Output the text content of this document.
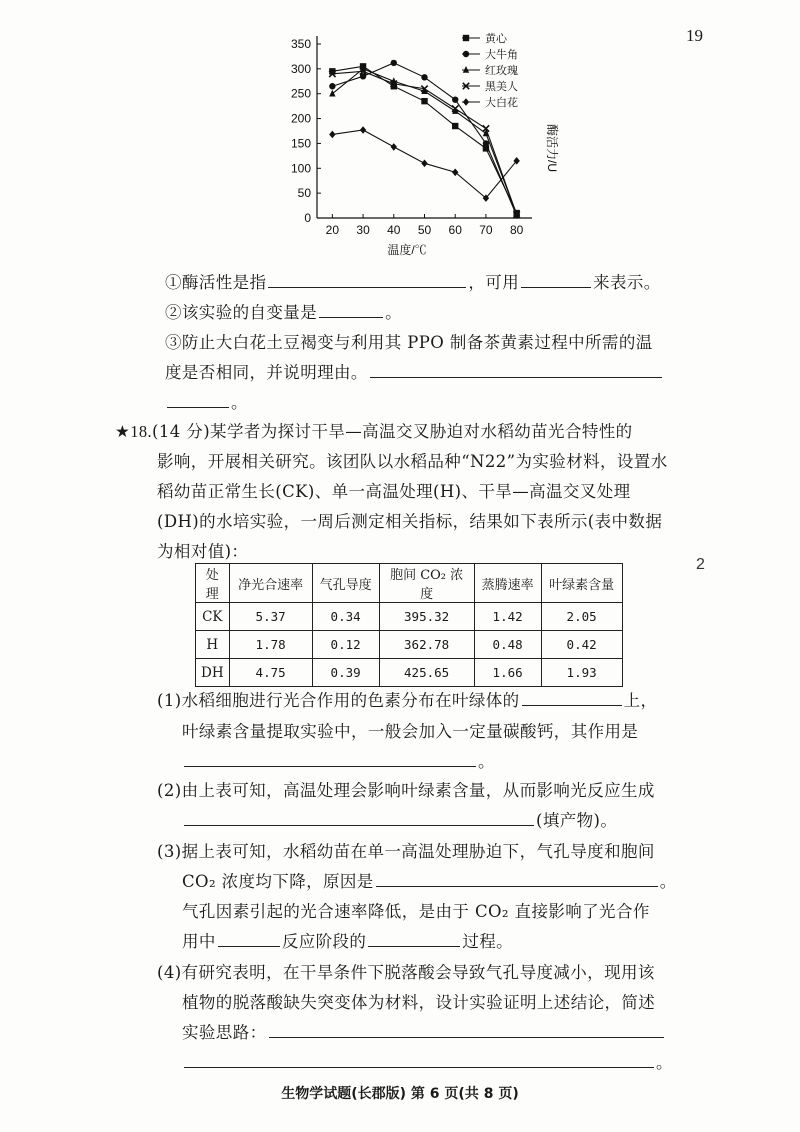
19
2
0
50
100
150
200
250
300
350
20 30 40 50 60 70 80
黄心
大牛角
红玫瑰
黑美人
大白花
酶活力/U
温度/℃
①酶活性是指	，可用	来表示。
②该实验的自变量是	。
③防止大白花土豆褐变与利用其 PPO 制备茶黄素过程中所需的温
度是否相同，并说明理由。
。
★18.(14 分)某学者为探讨干旱—高温交叉胁迫对水稻幼苗光合特性的
影响，开展相关研究。该团队以水稻品种“N22”为实验材料，设置水
稻幼苗正常生长(CK)、单一高温处理(H)、干旱—高温交叉处理
(DH)的水培实验，一周后测定相关指标，结果如下表所示(表中数据
为相对值)：
处理	净光合速率	气孔导度	胞间 CO₂ 浓度	蒸腾速率	叶绿素含量
CK	5.37	0.34	395.32	1.42	2.05
H	1.78	0.12	362.78	0.48	0.42
DH	4.75	0.39	425.65	1.66	1.93
(1)水稻细胞进行光合作用的色素分布在叶绿体的	上，
叶绿素含量提取实验中，一般会加入一定量碳酸钙，其作用是
。
(2)由上表可知，高温处理会影响叶绿素含量，从而影响光反应生成
(填产物)。
(3)据上表可知，水稻幼苗在单一高温处理胁迫下，气孔导度和胞间
CO₂ 浓度均下降，原因是	。
气孔因素引起的光合速率降低，是由于 CO₂ 直接影响了光合作
用中	反应阶段的	过程。
(4)有研究表明，在干旱条件下脱落酸会导致气孔导度减小，现用该
植物的脱落酸缺失突变体为材料，设计实验证明上述结论，简述
实验思路：
。
生物学试题(长郡版) 第 6 页(共 8 页)
